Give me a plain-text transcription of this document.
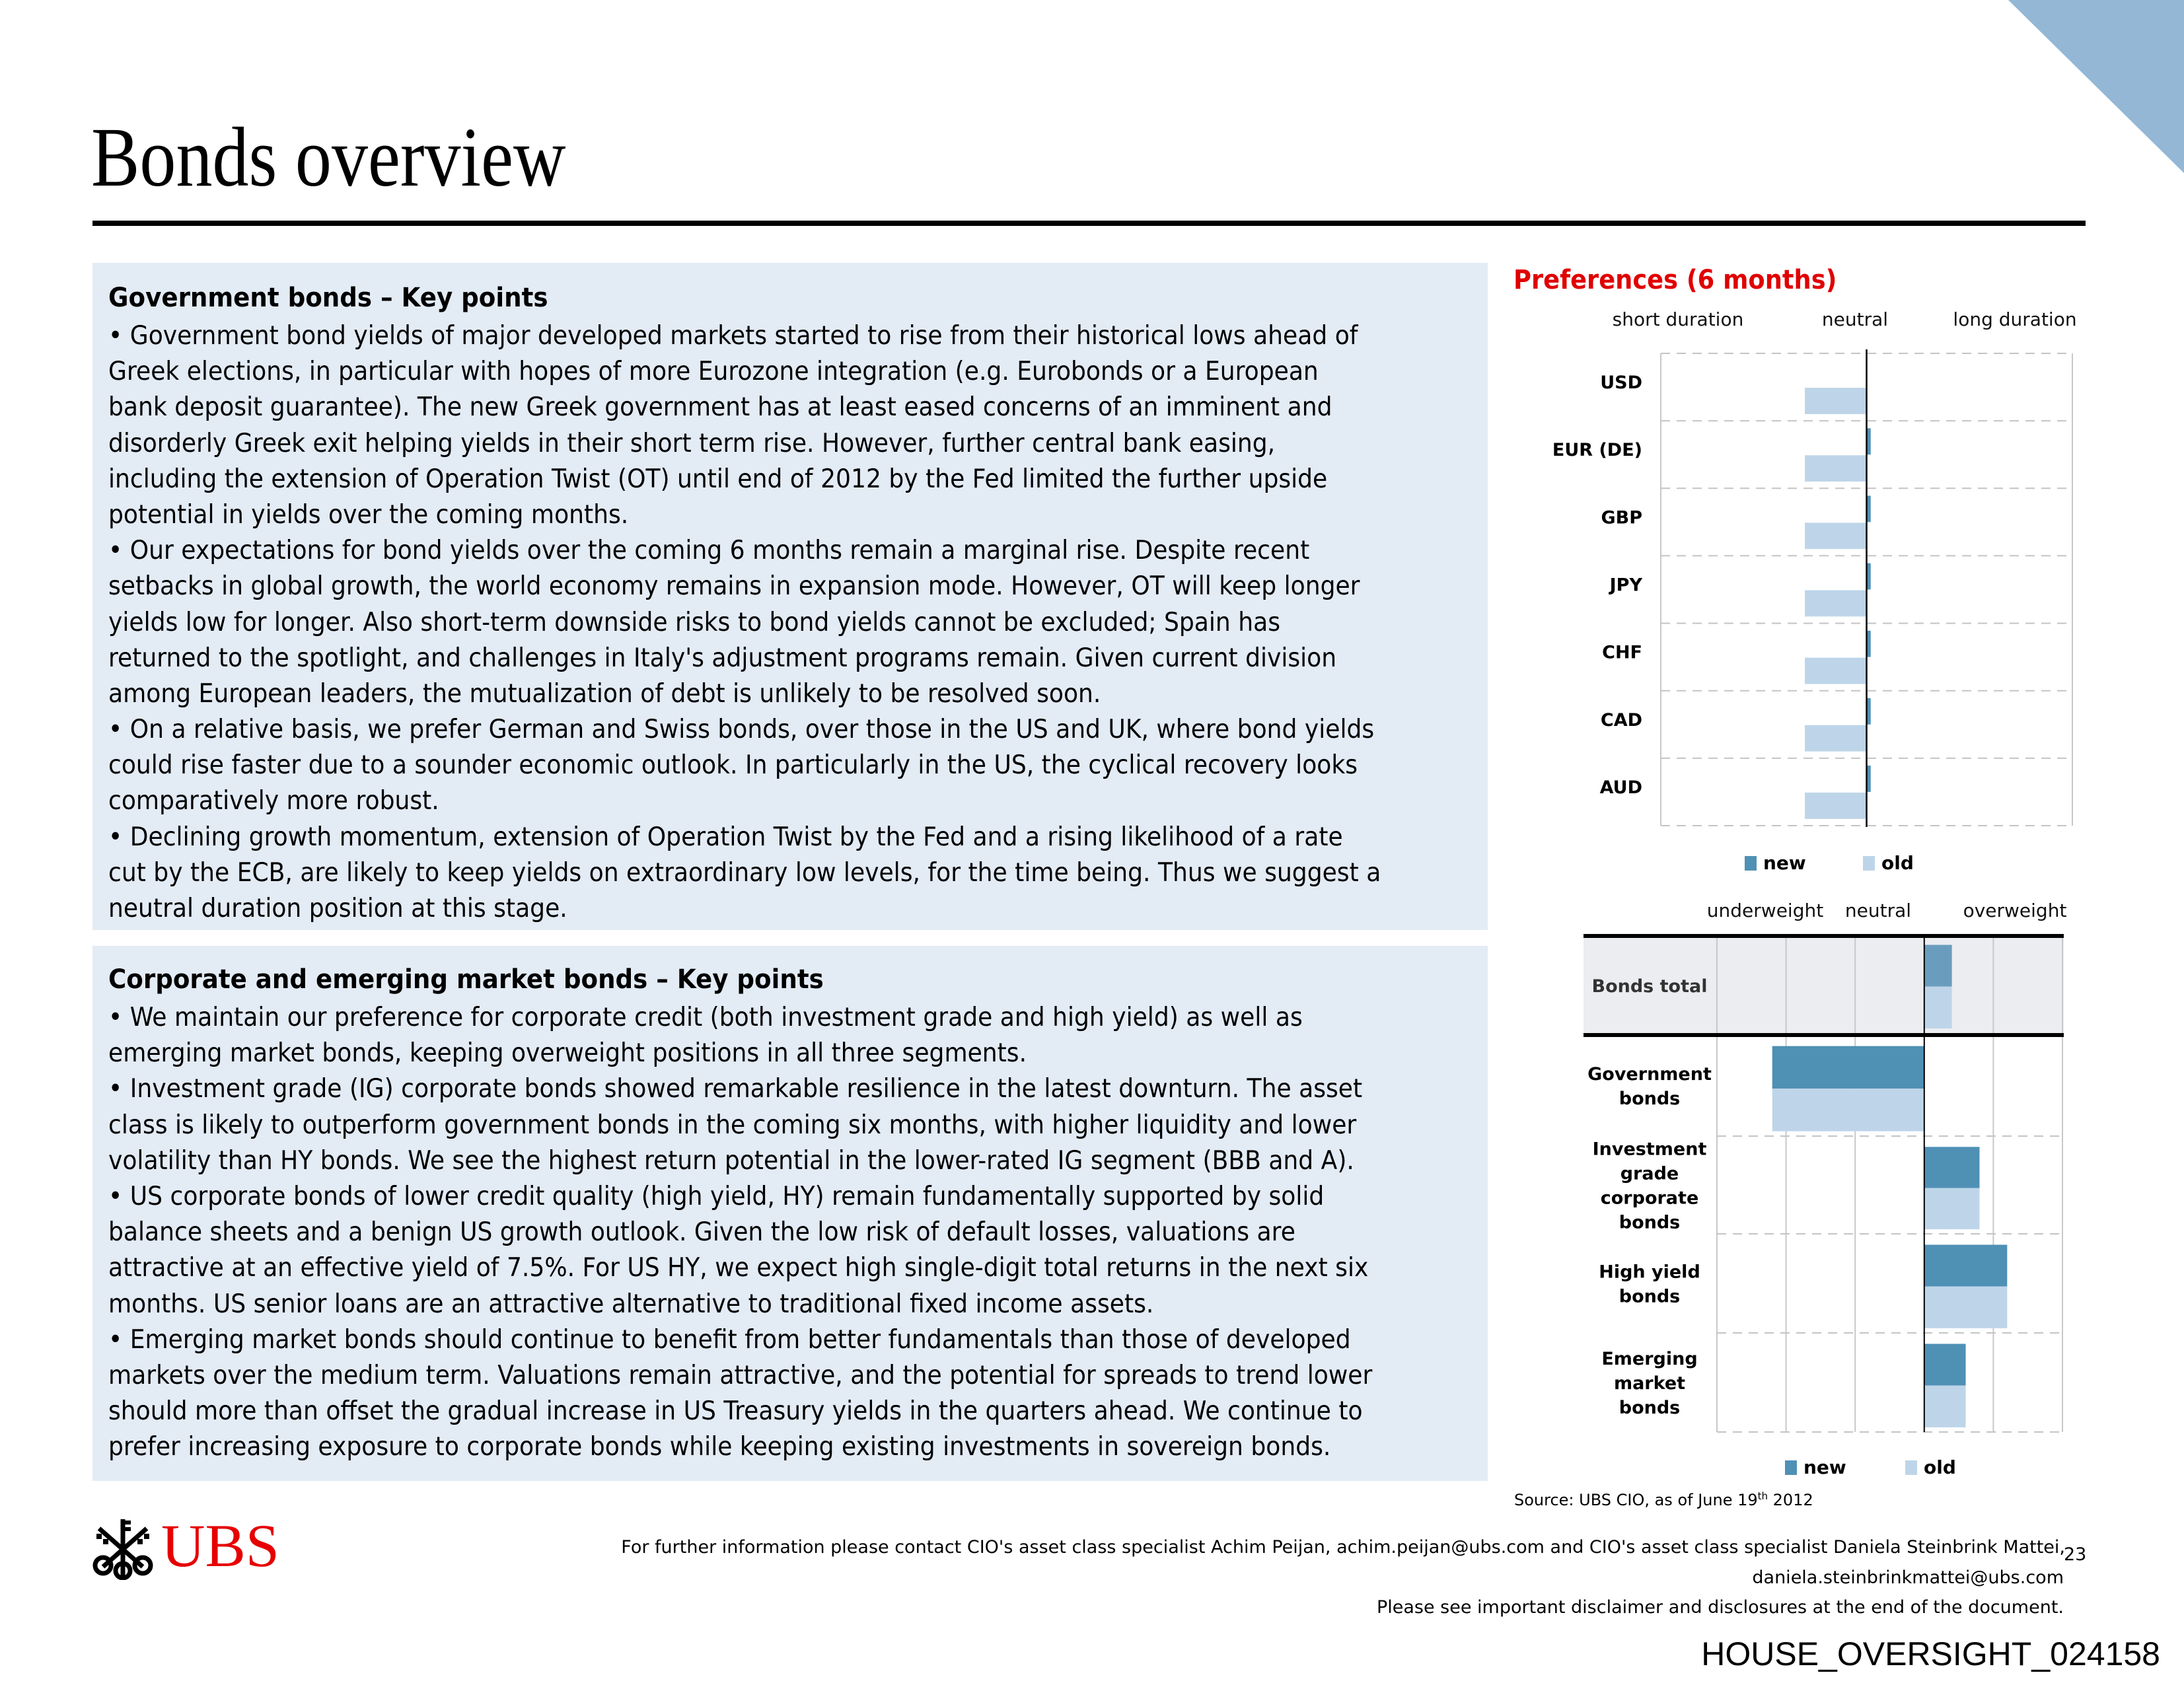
Bonds overview
Government bonds – Key points
• Government bond yields of major developed markets started to rise from their historical lows ahead of
Greek elections, in particular with hopes of more Eurozone integration (e.g. Eurobonds or a European
bank deposit guarantee). The new Greek government has at least eased concerns of an imminent and
disorderly Greek exit helping yields in their short term rise. However, further central bank easing,
including the extension of Operation Twist (OT) until end of 2012 by the Fed limited the further upside
potential in yields over the coming months.
• Our expectations for bond yields over the coming 6 months remain a marginal rise. Despite recent
setbacks in global growth, the world economy remains in expansion mode. However, OT will keep longer
yields low for longer. Also short-term downside risks to bond yields cannot be excluded; Spain has
returned to the spotlight, and challenges in Italy's adjustment programs remain. Given current division
among European leaders, the mutualization of debt is unlikely to be resolved soon.
• On a relative basis, we prefer German and Swiss bonds, over those in the US and UK, where bond yields
could rise faster due to a sounder economic outlook. In particularly in the US, the cyclical recovery looks
comparatively more robust.
• Declining growth momentum, extension of Operation Twist by the Fed and a rising likelihood of a rate
cut by the ECB, are likely to keep yields on extraordinary low levels, for the time being. Thus we suggest a
neutral duration position at this stage.
Corporate and emerging market bonds – Key points
• We maintain our preference for corporate credit (both investment grade and high yield) as well as
emerging market bonds, keeping overweight positions in all three segments.
• Investment grade (IG) corporate bonds showed remarkable resilience in the latest downturn. The asset
class is likely to outperform government bonds in the coming six months, with higher liquidity and lower
volatility than HY bonds. We see the highest return potential in the lower-rated IG segment (BBB and A).
• US corporate bonds of lower credit quality (high yield, HY) remain fundamentally supported by solid
balance sheets and a benign US growth outlook. Given the low risk of default losses, valuations are
attractive at an effective yield of 7.5%. For US HY, we expect high single-digit total returns in the next six
months. US senior loans are an attractive alternative to traditional fixed income assets.
• Emerging market bonds should continue to benefit from better fundamentals than those of developed
markets over the medium term. Valuations remain attractive, and the potential for spreads to trend lower
should more than offset the gradual increase in US Treasury yields in the quarters ahead. We continue to
prefer increasing exposure to corporate bonds while keeping existing investments in sovereign bonds.
Preferences (6 months)
short duration	neutral	long duration
USD
EUR (DE)
GBP
JPY
CHF
CAD
AUD
new	old
underweight neutral	overweight
Bonds total
Government bonds
Investment grade corporate bonds
High yield bonds
Emerging market bonds
new	old
Source: UBS CIO, as of June 19th 2012
UBS	For further information please contact CIO's asset class specialist Achim Peijan, achim.peijan@ubs.com and CIO's asset class specialist Daniela Steinbrink Mattei,
daniela.steinbrinkmattei@ubs.com
Please see important disclaimer and disclosures at the end of the document.
23
HOUSE_OVERSIGHT_024158
